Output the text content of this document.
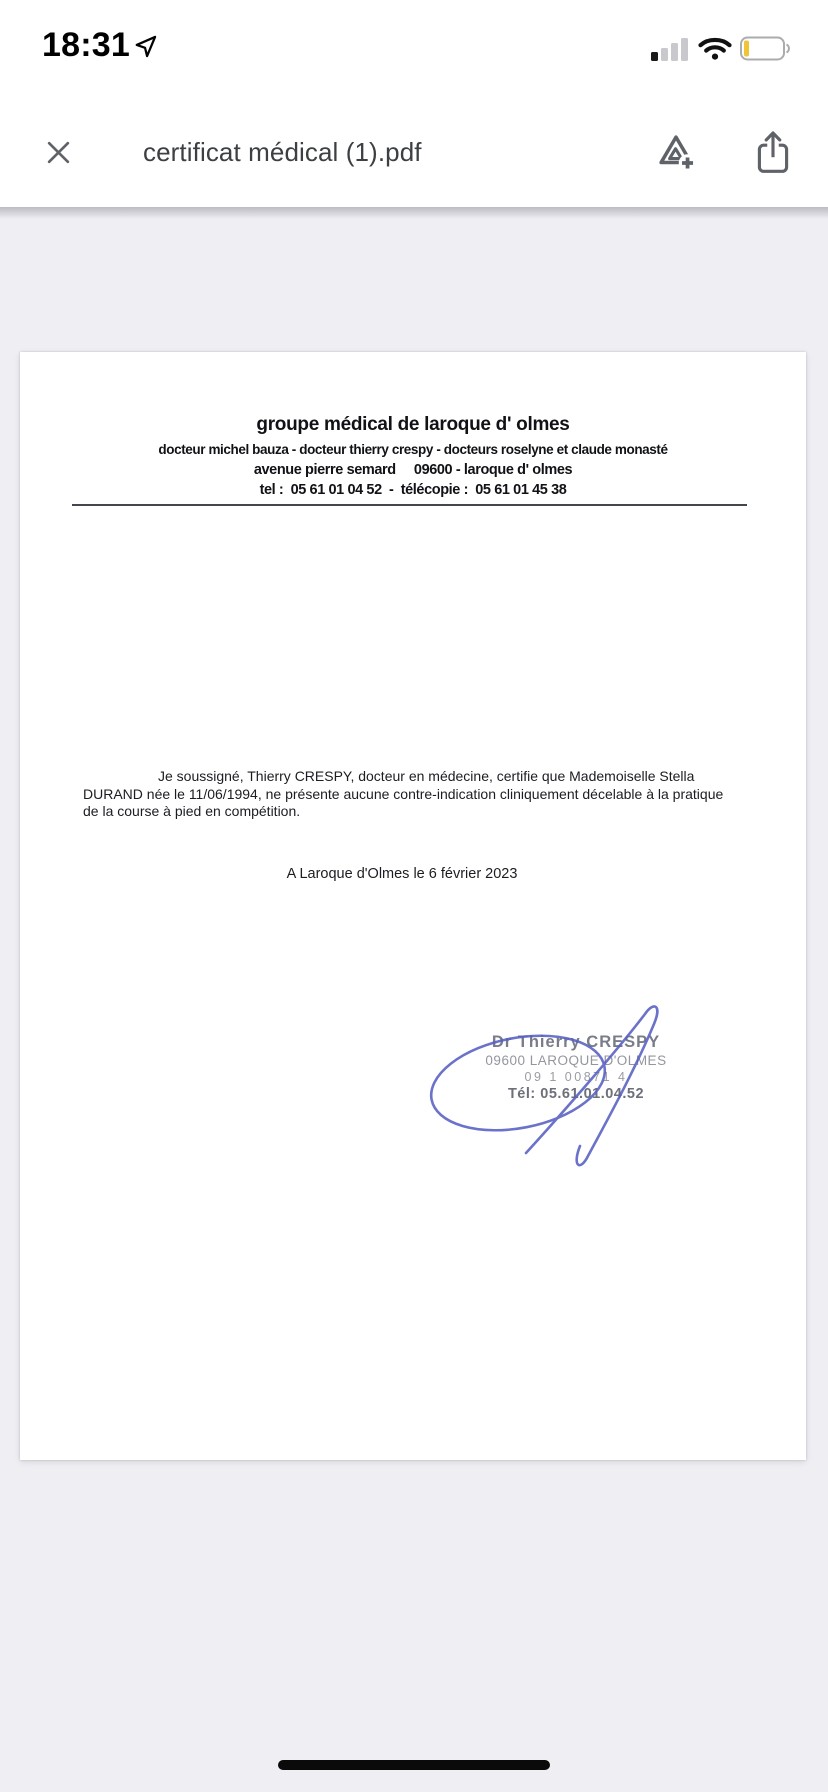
18:31
certificat médical (1).pdf
groupe médical de laroque d' olmes
docteur michel bauza - docteur thierry crespy - docteurs roselyne et claude monasté
avenue pierre semard     09600 - laroque d' olmes
tel :  05 61 01 04 52  -  télécopie :  05 61 01 45 38
Je soussigné, Thierry CRESPY, docteur en médecine, certifie que Mademoiselle Stella
DURAND née le 11/06/1994, ne présente aucune contre-indication cliniquement décelable à la pratique
de la course à pied en compétition.
A Laroque d'Olmes le 6 février 2023
Dr Thierry CRESPY
09600 LAROQUE D'OLMES
09 1 00871 4
Tél: 05.61.01.04.52
